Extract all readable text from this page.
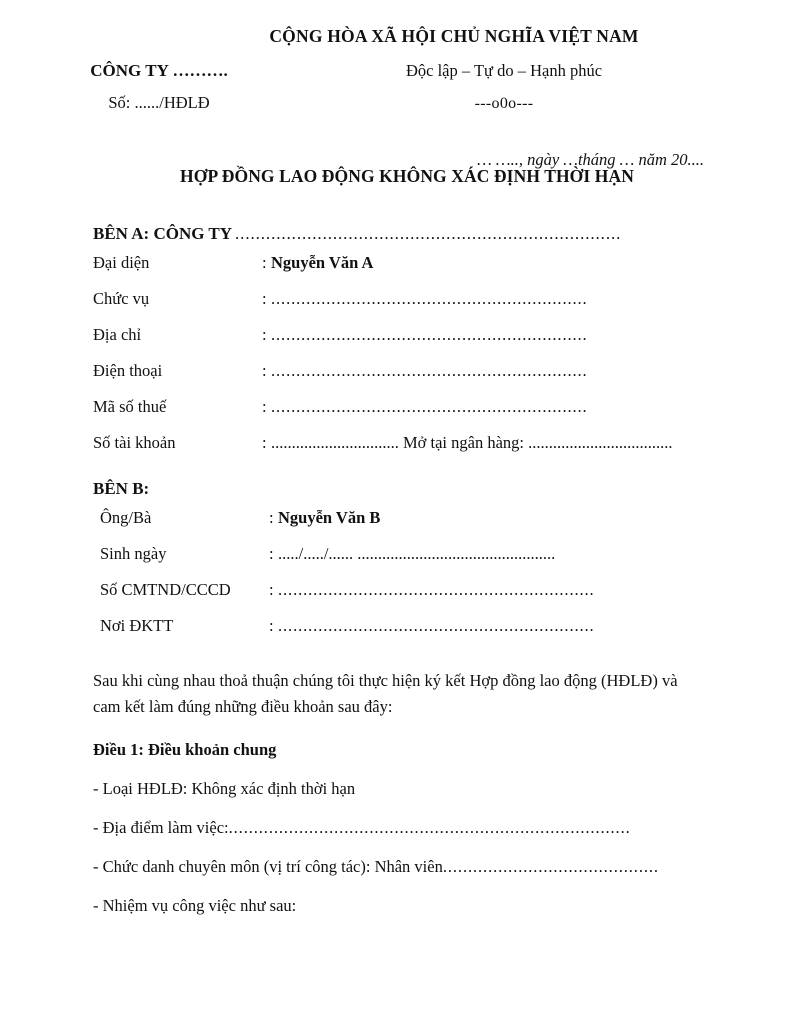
CỘNG HÒA XÃ HỘI CHỦ NGHĨA VIỆT NAM
CÔNG TY ……….
Số: ....../HĐLĐ
Độc lập – Tự do – Hạnh phúc
---o0o---
… ….., ngày …tháng … năm 20....
HỢP ĐỒNG LAO ĐỘNG KHÔNG XÁC ĐỊNH THỜI HẠN
BÊN A: CÔNG TY ...........................................................................
Đại diện	: Nguyễn Văn A
Chức vụ	: ...............................................................
Địa chỉ	: ...............................................................
Điện thoại	: ...............................................................
Mã số thuế	: ...............................................................
Số tài khoản	: ............................... Mở tại ngân hàng: ...................................
BÊN B:
Ông/Bà	: Nguyễn Văn B
Sinh ngày	: ...../...../...... ................................................
Số CMTND/CCCD	: ...............................................................
Nơi ĐKTT	: ...............................................................
Sau khi cùng nhau thoả thuận chúng tôi thực hiện ký kết Hợp đồng lao động (HĐLĐ) và cam kết làm đúng những điều khoản sau đây:
Điều 1: Điều khoản chung
- Loại HĐLĐ: Không xác định thời hạn
- Địa điểm làm việc: ................................................................................
- Chức danh chuyên môn (vị trí công tác): Nhân viên ...........................................
- Nhiệm vụ công việc như sau:
